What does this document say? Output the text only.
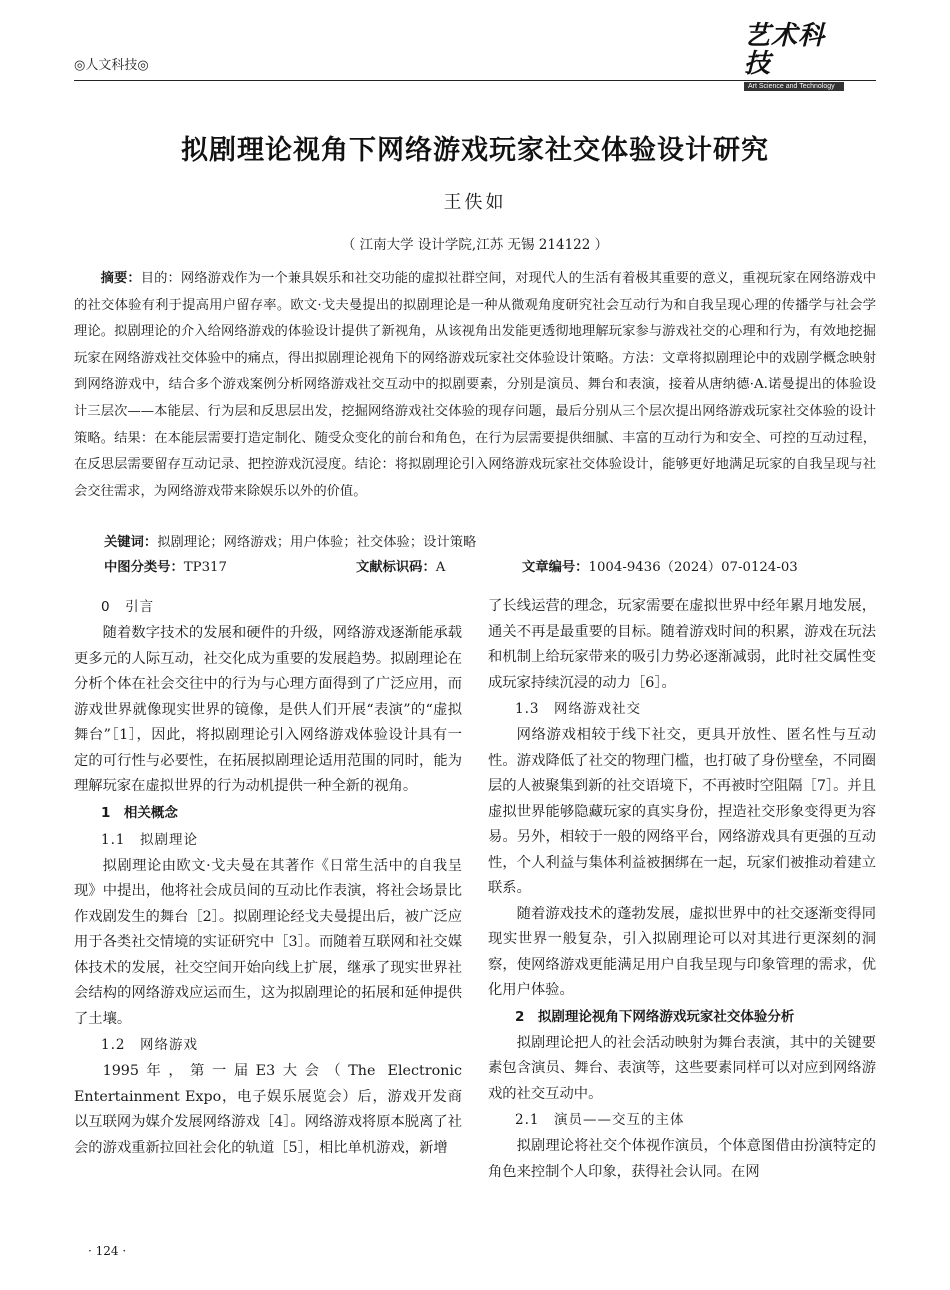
◎人文科技◎
艺术科技
Art Science and Technology
拟剧理论视角下网络游戏玩家社交体验设计研究
王佚如
（ 江南大学 设计学院,江苏 无锡 214122 ）
摘要：目的：网络游戏作为一个兼具娱乐和社交功能的虚拟社群空间，对现代人的生活有着极其重要的意义，重视玩家在网络游戏中的社交体验有利于提高用户留存率。欧文·戈夫曼提出的拟剧理论是一种从微观角度研究社会互动行为和自我呈现心理的传播学与社会学理论。拟剧理论的介入给网络游戏的体验设计提供了新视角，从该视角出发能更透彻地理解玩家参与游戏社交的心理和行为，有效地挖掘玩家在网络游戏社交体验中的痛点，得出拟剧理论视角下的网络游戏玩家社交体验设计策略。方法：文章将拟剧理论中的戏剧学概念映射到网络游戏中，结合多个游戏案例分析网络游戏社交互动中的拟剧要素，分别是演员、舞台和表演，接着从唐纳德·A.诺曼提出的体验设计三层次——本能层、行为层和反思层出发，挖掘网络游戏社交体验的现存问题，最后分别从三个层次提出网络游戏玩家社交体验的设计策略。结果：在本能层需要打造定制化、随受众变化的前台和角色，在行为层需要提供细腻、丰富的互动行为和安全、可控的互动过程，在反思层需要留存互动记录、把控游戏沉浸度。结论：将拟剧理论引入网络游戏玩家社交体验设计，能够更好地满足玩家的自我呈现与社会交往需求，为网络游戏带来除娱乐以外的价值。
关键词：拟剧理论；网络游戏；用户体验；社交体验；设计策略
中图分类号：TP317	文献标识码：A	文章编号：1004-9436（2024）07-0124-03
0　引言

随着数字技术的发展和硬件的升级，网络游戏逐渐能承载更多元的人际互动，社交化成为重要的发展趋势。拟剧理论在分析个体在社会交往中的行为与心理方面得到了广泛应用，而游戏世界就像现实世界的镜像，是供人们开展“表演”的“虚拟舞台”［1］，因此，将拟剧理论引入网络游戏体验设计具有一定的可行性与必要性，在拓展拟剧理论适用范围的同时，能为理解玩家在虚拟世界的行为动机提供一种全新的视角。

1　相关概念
1.1　拟剧理论

拟剧理论由欧文·戈夫曼在其著作《日常生活中的自我呈现》中提出，他将社会成员间的互动比作表演，将社会场景比作戏剧发生的舞台［2］。拟剧理论经戈夫曼提出后，被广泛应用于各类社交情境的实证研究中［3］。而随着互联网和社交媒体技术的发展，社交空间开始向线上扩展，继承了现实世界社会结构的网络游戏应运而生，这为拟剧理论的拓展和延伸提供了土壤。

1.2　网络游戏

1995年，第一届E3大会（The Electronic Entertainment Expo，电子娱乐展览会）后，游戏开发商以互联网为媒介发展网络游戏［4］。网络游戏将原本脱离了社会的游戏重新拉回社会化的轨道［5］，相比单机游戏，新增

了长线运营的理念，玩家需要在虚拟世界中经年累月地发展，通关不再是最重要的目标。随着游戏时间的积累，游戏在玩法和机制上给玩家带来的吸引力势必逐渐减弱，此时社交属性变成玩家持续沉浸的动力［6］。

1.3　网络游戏社交

网络游戏相较于线下社交，更具开放性、匿名性与互动性。游戏降低了社交的物理门槛，也打破了身份壁垒，不同圈层的人被聚集到新的社交语境下，不再被时空阻隔［7］。并且虚拟世界能够隐藏玩家的真实身份，捏造社交形象变得更为容易。另外，相较于一般的网络平台，网络游戏具有更强的互动性，个人利益与集体利益被捆绑在一起，玩家们被推动着建立联系。

随着游戏技术的蓬勃发展，虚拟世界中的社交逐渐变得同现实世界一般复杂，引入拟剧理论可以对其进行更深刻的洞察，使网络游戏更能满足用户自我呈现与印象管理的需求，优化用户体验。

2　拟剧理论视角下网络游戏玩家社交体验分析

拟剧理论把人的社会活动映射为舞台表演，其中的关键要素包含演员、舞台、表演等，这些要素同样可以对应到网络游戏的社交互动中。

2.1　演员——交互的主体

拟剧理论将社交个体视作演员，个体意图借由扮演特定的角色来控制个人印象，获得社会认同。在网

· 124 ·
